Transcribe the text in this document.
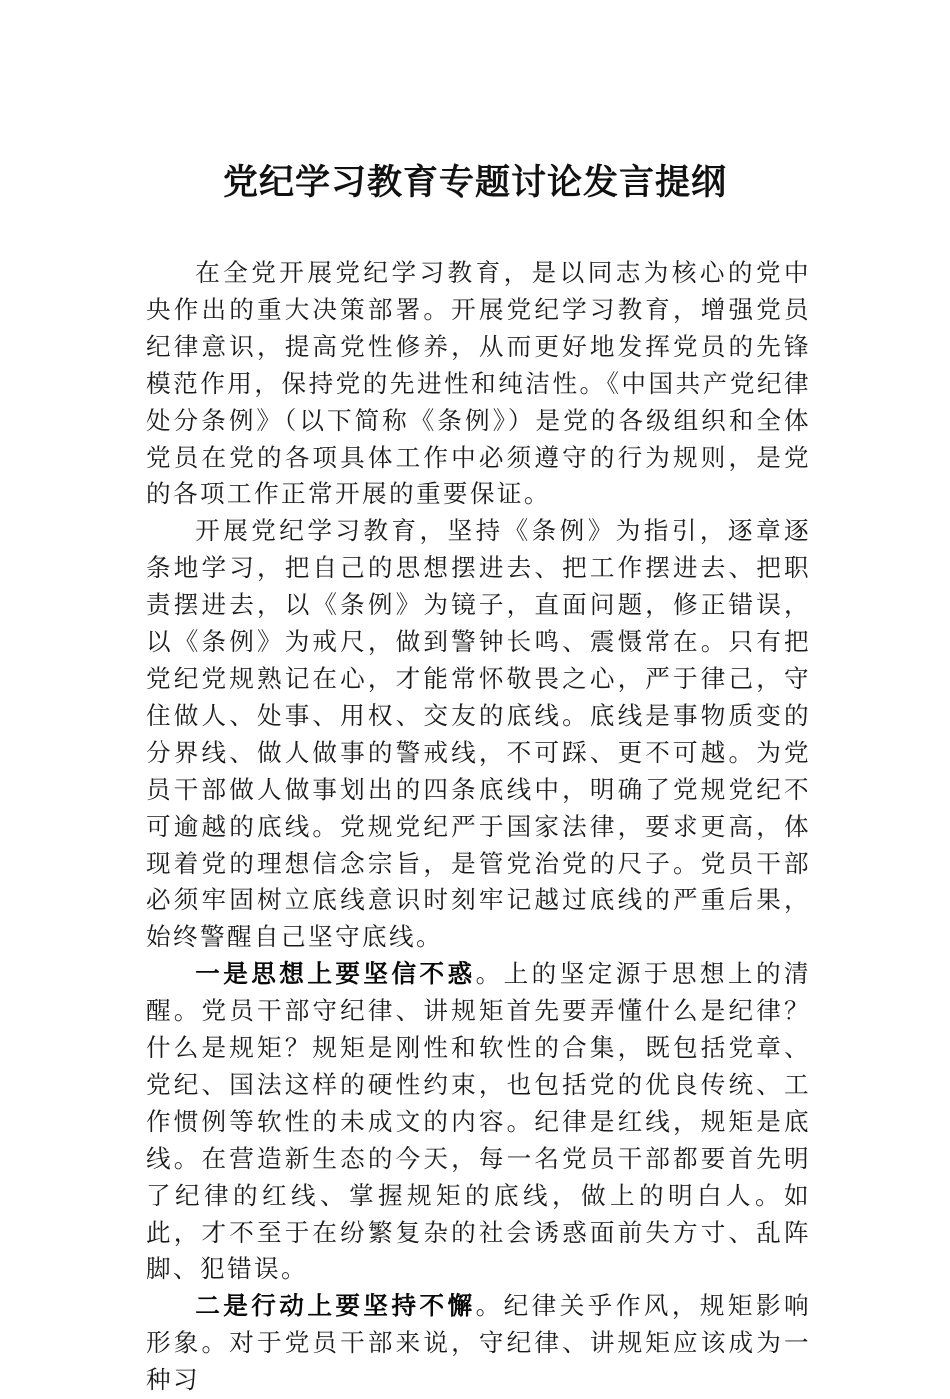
党纪学习教育专题讨论发言提纲

在全党开展党纪学习教育，是以同志为核心的党中央作出的重大决策部署。开展党纪学习教育，增强党员纪律意识，提高党性修养，从而更好地发挥党员的先锋模范作用，保持党的先进性和纯洁性。《中国共产党纪律处分条例》（以下简称《条例》）是党的各级组织和全体党员在党的各项具体工作中必须遵守的行为规则，是党的各项工作正常开展的重要保证。

开展党纪学习教育，坚持《条例》为指引，逐章逐条地学习，把自己的思想摆进去、把工作摆进去、把职责摆进去，以《条例》为镜子，直面问题，修正错误，以《条例》为戒尺，做到警钟长鸣、震慑常在。只有把党纪党规熟记在心，才能常怀敬畏之心，严于律己，守住做人、处事、用权、交友的底线。底线是事物质变的分界线、做人做事的警戒线，不可踩、更不可越。为党员干部做人做事划出的四条底线中，明确了党规党纪不可逾越的底线。党规党纪严于国家法律，要求更高，体现着党的理想信念宗旨，是管党治党的尺子。党员干部必须牢固树立底线意识时刻牢记越过底线的严重后果，始终警醒自己坚守底线。

一是思想上要坚信不惑。上的坚定源于思想上的清醒。党员干部守纪律、讲规矩首先要弄懂什么是纪律？什么是规矩？规矩是刚性和软性的合集，既包括党章、党纪、国法这样的硬性约束，也包括党的优良传统、工作惯例等软性的未成文的内容。纪律是红线，规矩是底线。在营造新生态的今天，每一名党员干部都要首先明了纪律的红线、掌握规矩的底线，做上的明白人。如此，才不至于在纷繁复杂的社会诱惑面前失方寸、乱阵脚、犯错误。

二是行动上要坚持不懈。纪律关乎作风，规矩影响形象。对于党员干部来说，守纪律、讲规矩应该成为一种习
